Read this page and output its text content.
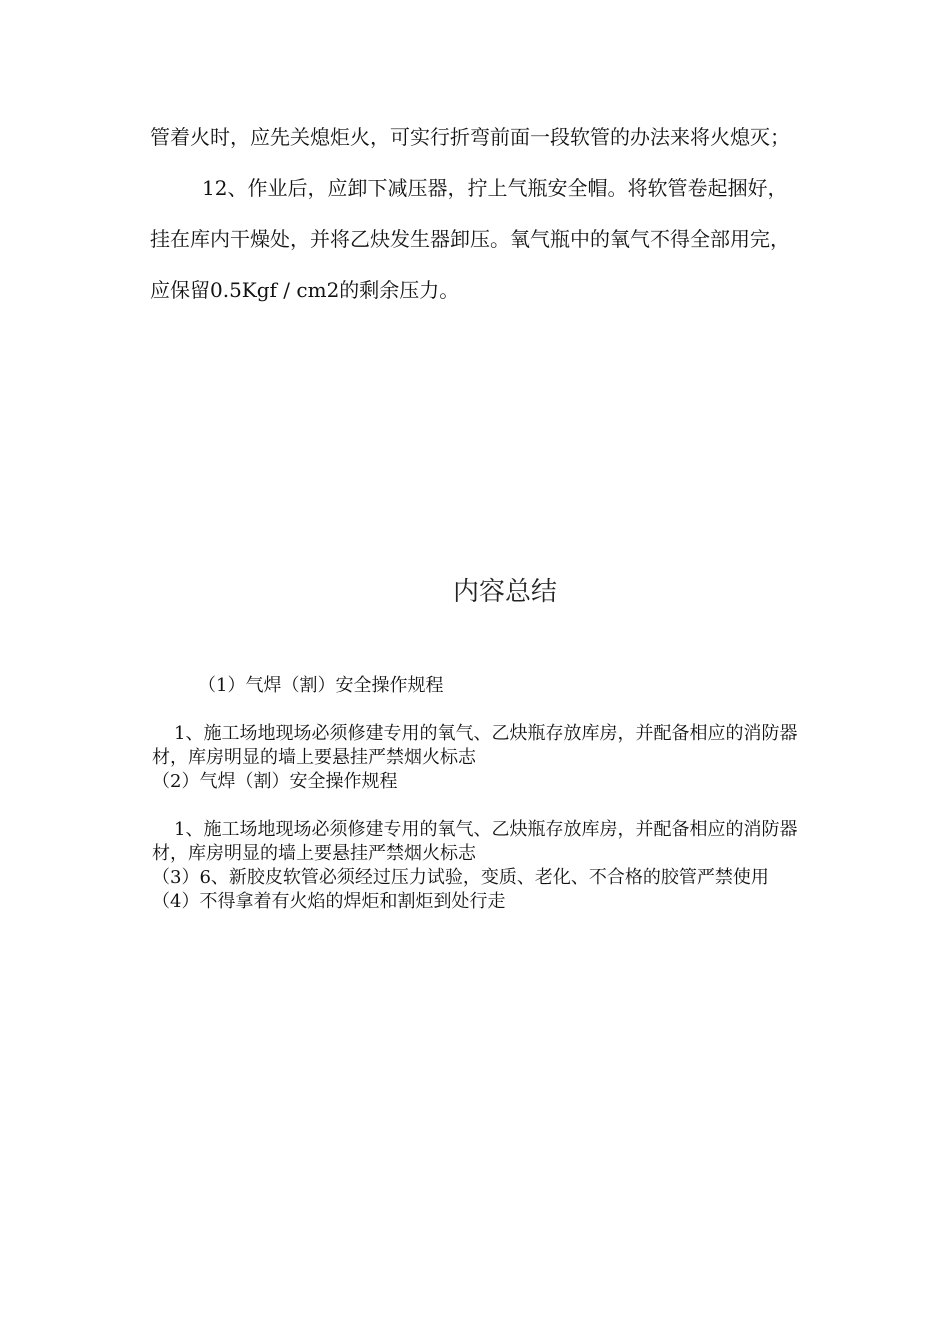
管着火时，应先关熄炬火，可实行折弯前面一段软管的办法来将火熄灭；

12、作业后，应卸下减压器，拧上气瓶安全帽。将软管卷起捆好，挂在库内干燥处，并将乙炔发生器卸压。氧气瓶中的氧气不得全部用完，应保留0.5Kgf / cm2的剩余压力。

内容总结

（1）气焊（割）安全操作规程

1、施工场地现场必须修建专用的氧气、乙炔瓶存放库房，并配备相应的消防器材，库房明显的墙上要悬挂严禁烟火标志

（2）气焊（割）安全操作规程

1、施工场地现场必须修建专用的氧气、乙炔瓶存放库房，并配备相应的消防器材，库房明显的墙上要悬挂严禁烟火标志

（3）6、新胶皮软管必须经过压力试验，变质、老化、不合格的胶管严禁使用

（4）不得拿着有火焰的焊炬和割炬到处行走
